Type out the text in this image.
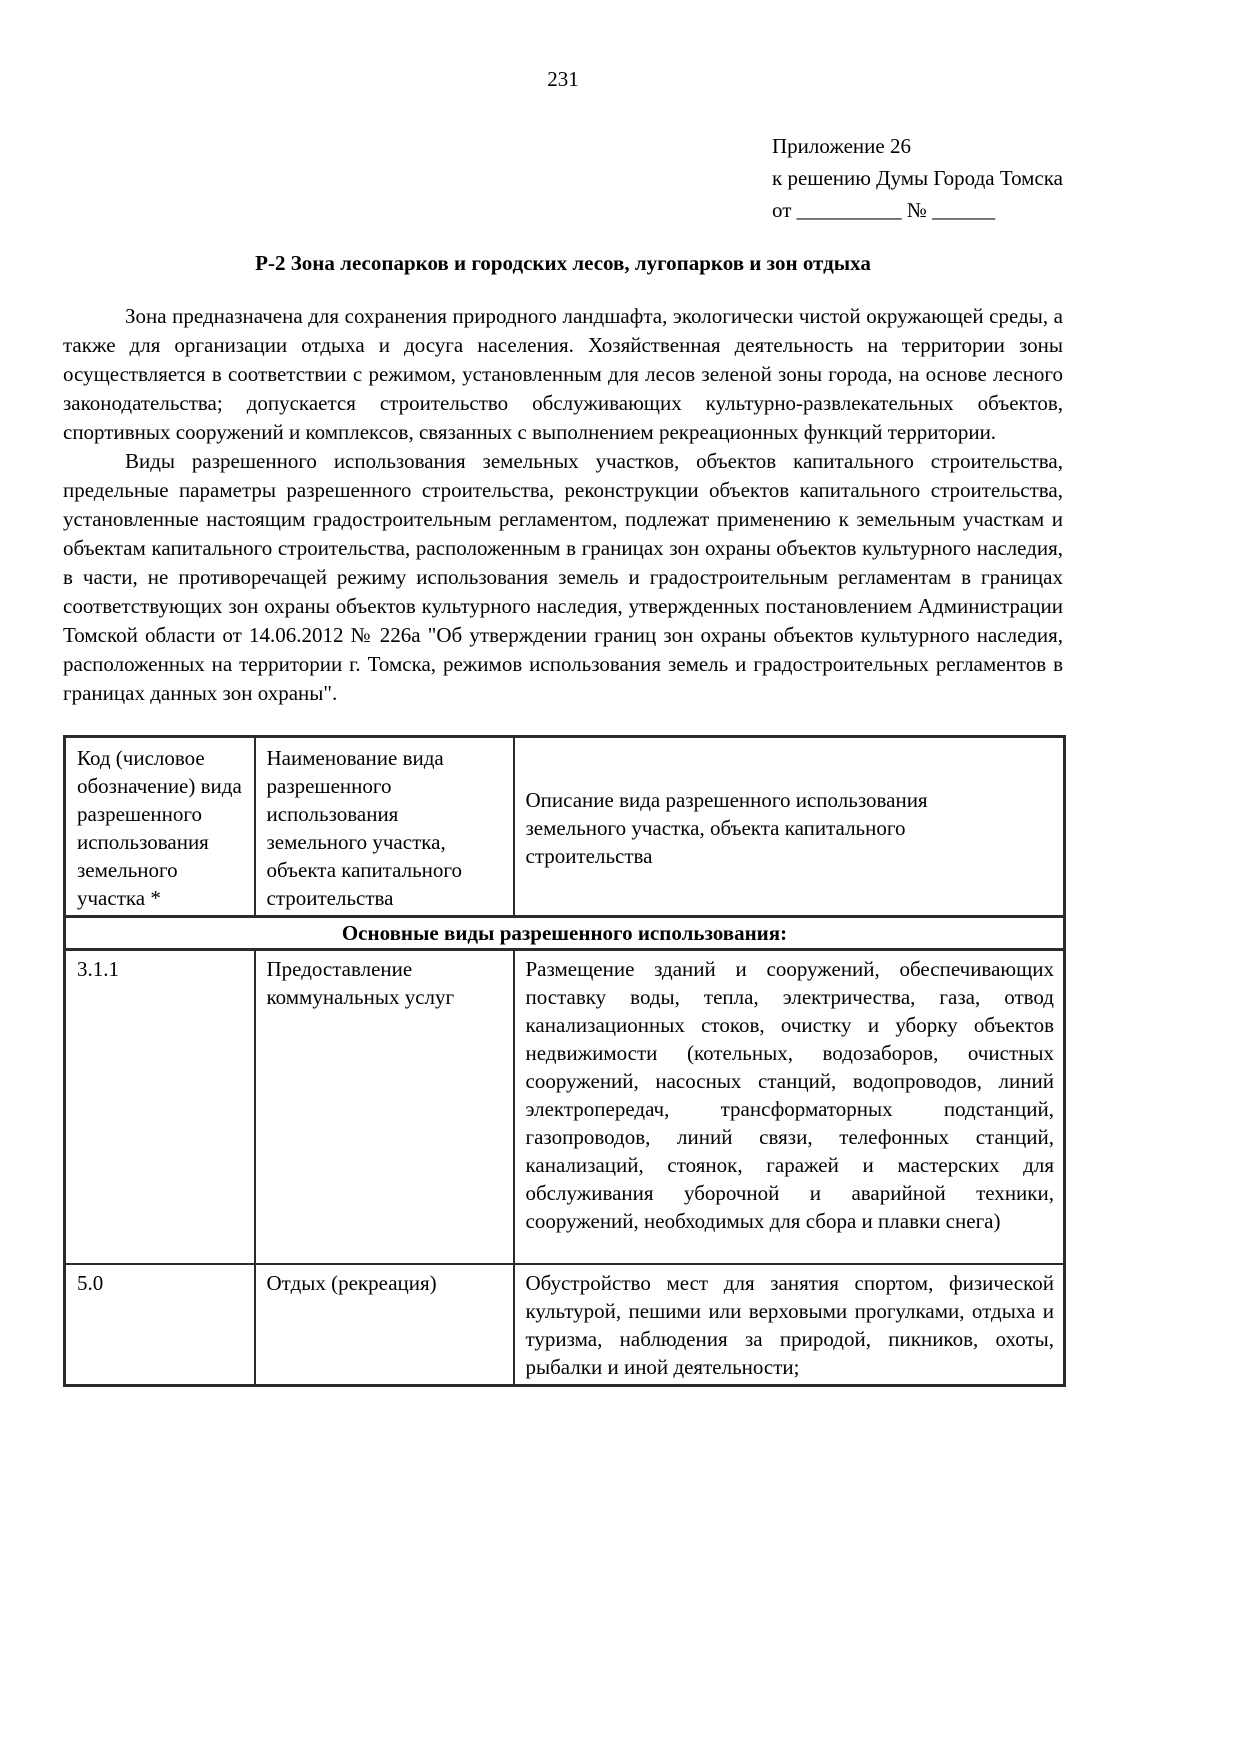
231
Приложение 26
к решению Думы Города Томска
от __________ № ______
Р-2 Зона лесопарков и городских лесов, лугопарков и зон отдыха

Зона предназначена для сохранения природного ландшафта, экологически чистой окружающей среды, а также для организации отдыха и досуга населения. Хозяйственная деятельность на территории зоны осуществляется в соответствии с режимом, установленным для лесов зеленой зоны города, на основе лесного законодательства; допускается строительство обслуживающих культурно-развлекательных объектов, спортивных сооружений и комплексов, связанных с выполнением рекреационных функций территории.

Виды разрешенного использования земельных участков, объектов капитального строительства, предельные параметры разрешенного строительства, реконструкции объектов капитального строительства, установленные настоящим градостроительным регламентом, подлежат применению к земельным участкам и объектам капитального строительства, расположенным в границах зон охраны объектов культурного наследия, в части, не противоречащей режиму использования земель и градостроительным регламентам в границах соответствующих зон охраны объектов культурного наследия, утвержденных постановлением Администрации Томской области от 14.06.2012 № 226а "Об утверждении границ зон охраны объектов культурного наследия, расположенных на территории г. Томска, режимов использования земель и градостроительных регламентов в границах данных зон охраны".

Код (числовое обозначение) вида разрешенного использования земельного участка *	Наименование вида разрешенного использования земельного участка, объекта капитального строительства	Описание вида разрешенного использования земельного участка, объекта капитального строительства

Основные виды разрешенного использования:		
3.1.1	Предоставление коммунальных услуг	Размещение зданий и сооружений, обеспечивающих поставку воды, тепла, электричества, газа, отвод канализационных стоков, очистку и уборку объектов недвижимости (котельных, водозаборов, очистных сооружений, насосных станций, водопроводов, линий электропередач, трансформаторных подстанций, газопроводов, линий связи, телефонных станций, канализаций, стоянок, гаражей и мастерских для обслуживания уборочной и аварийной техники, сооружений, необходимых для сбора и плавки снега)
5.0	Отдых (рекреация)	Обустройство мест для занятия спортом, физической культурой, пешими или верховыми прогулками, отдыха и туризма, наблюдения за природой, пикников, охоты, рыбалки и иной деятельности;
